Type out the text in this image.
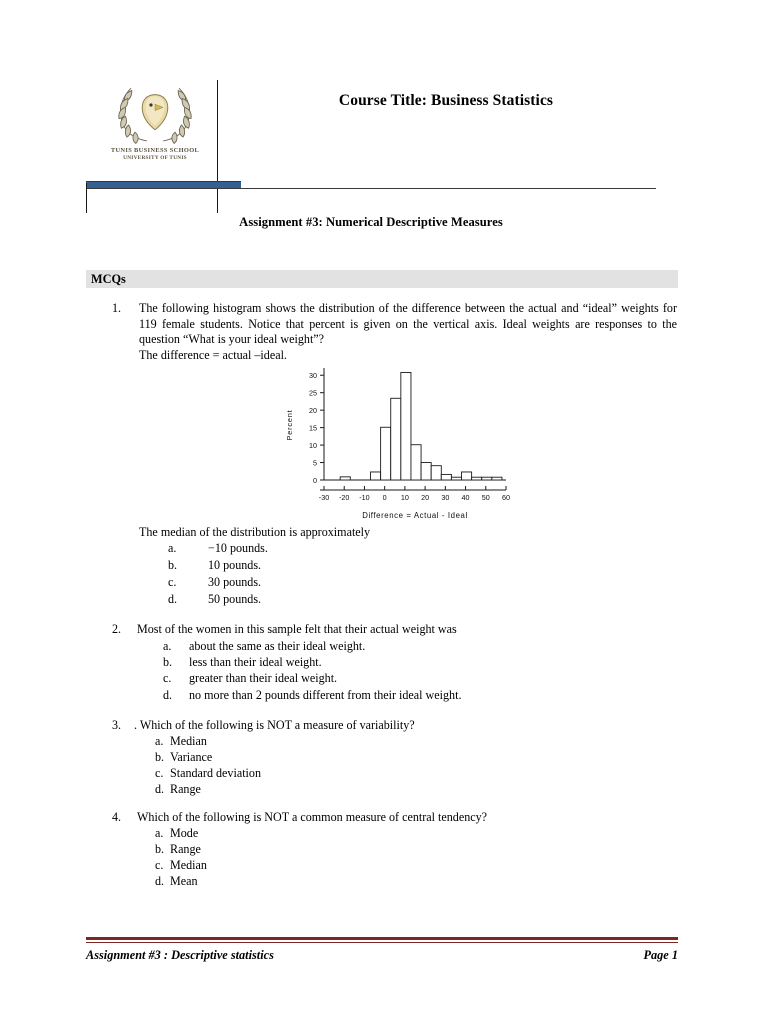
TUNIS BUSINESS SCHOOL
UNIVERSITY OF TUNIS
Course Title: Business Statistics
Assignment #3: Numerical Descriptive Measures
MCQs
1. The following histogram shows the distribution of the difference between the actual and “ideal” weights for 119 female students. Notice that percent is given on the vertical axis. Ideal weights are responses to the question “What is your ideal weight”?
The difference = actual –ideal.
0
5
10
15
20
25
30
Percent
-30 -20 -10 0 10 20 30 40 50 60
Difference = Actual - Ideal
The median of the distribution is approximately
a.	−10 pounds.
b.	10 pounds.
c.	30 pounds.
d.	50 pounds.
2. Most of the women in this sample felt that their actual weight was
a. about the same as their ideal weight.
b. less than their ideal weight.
c. greater than their ideal weight.
d. no more than 2 pounds different from their ideal weight.
3. . Which of the following is NOT a measure of variability?
a. Median
b. Variance
c. Standard deviation
d. Range
4. Which of the following is NOT a common measure of central tendency?
a. Mode
b. Range
c. Median
d. Mean
Assignment #3 : Descriptive statistics	Page 1
